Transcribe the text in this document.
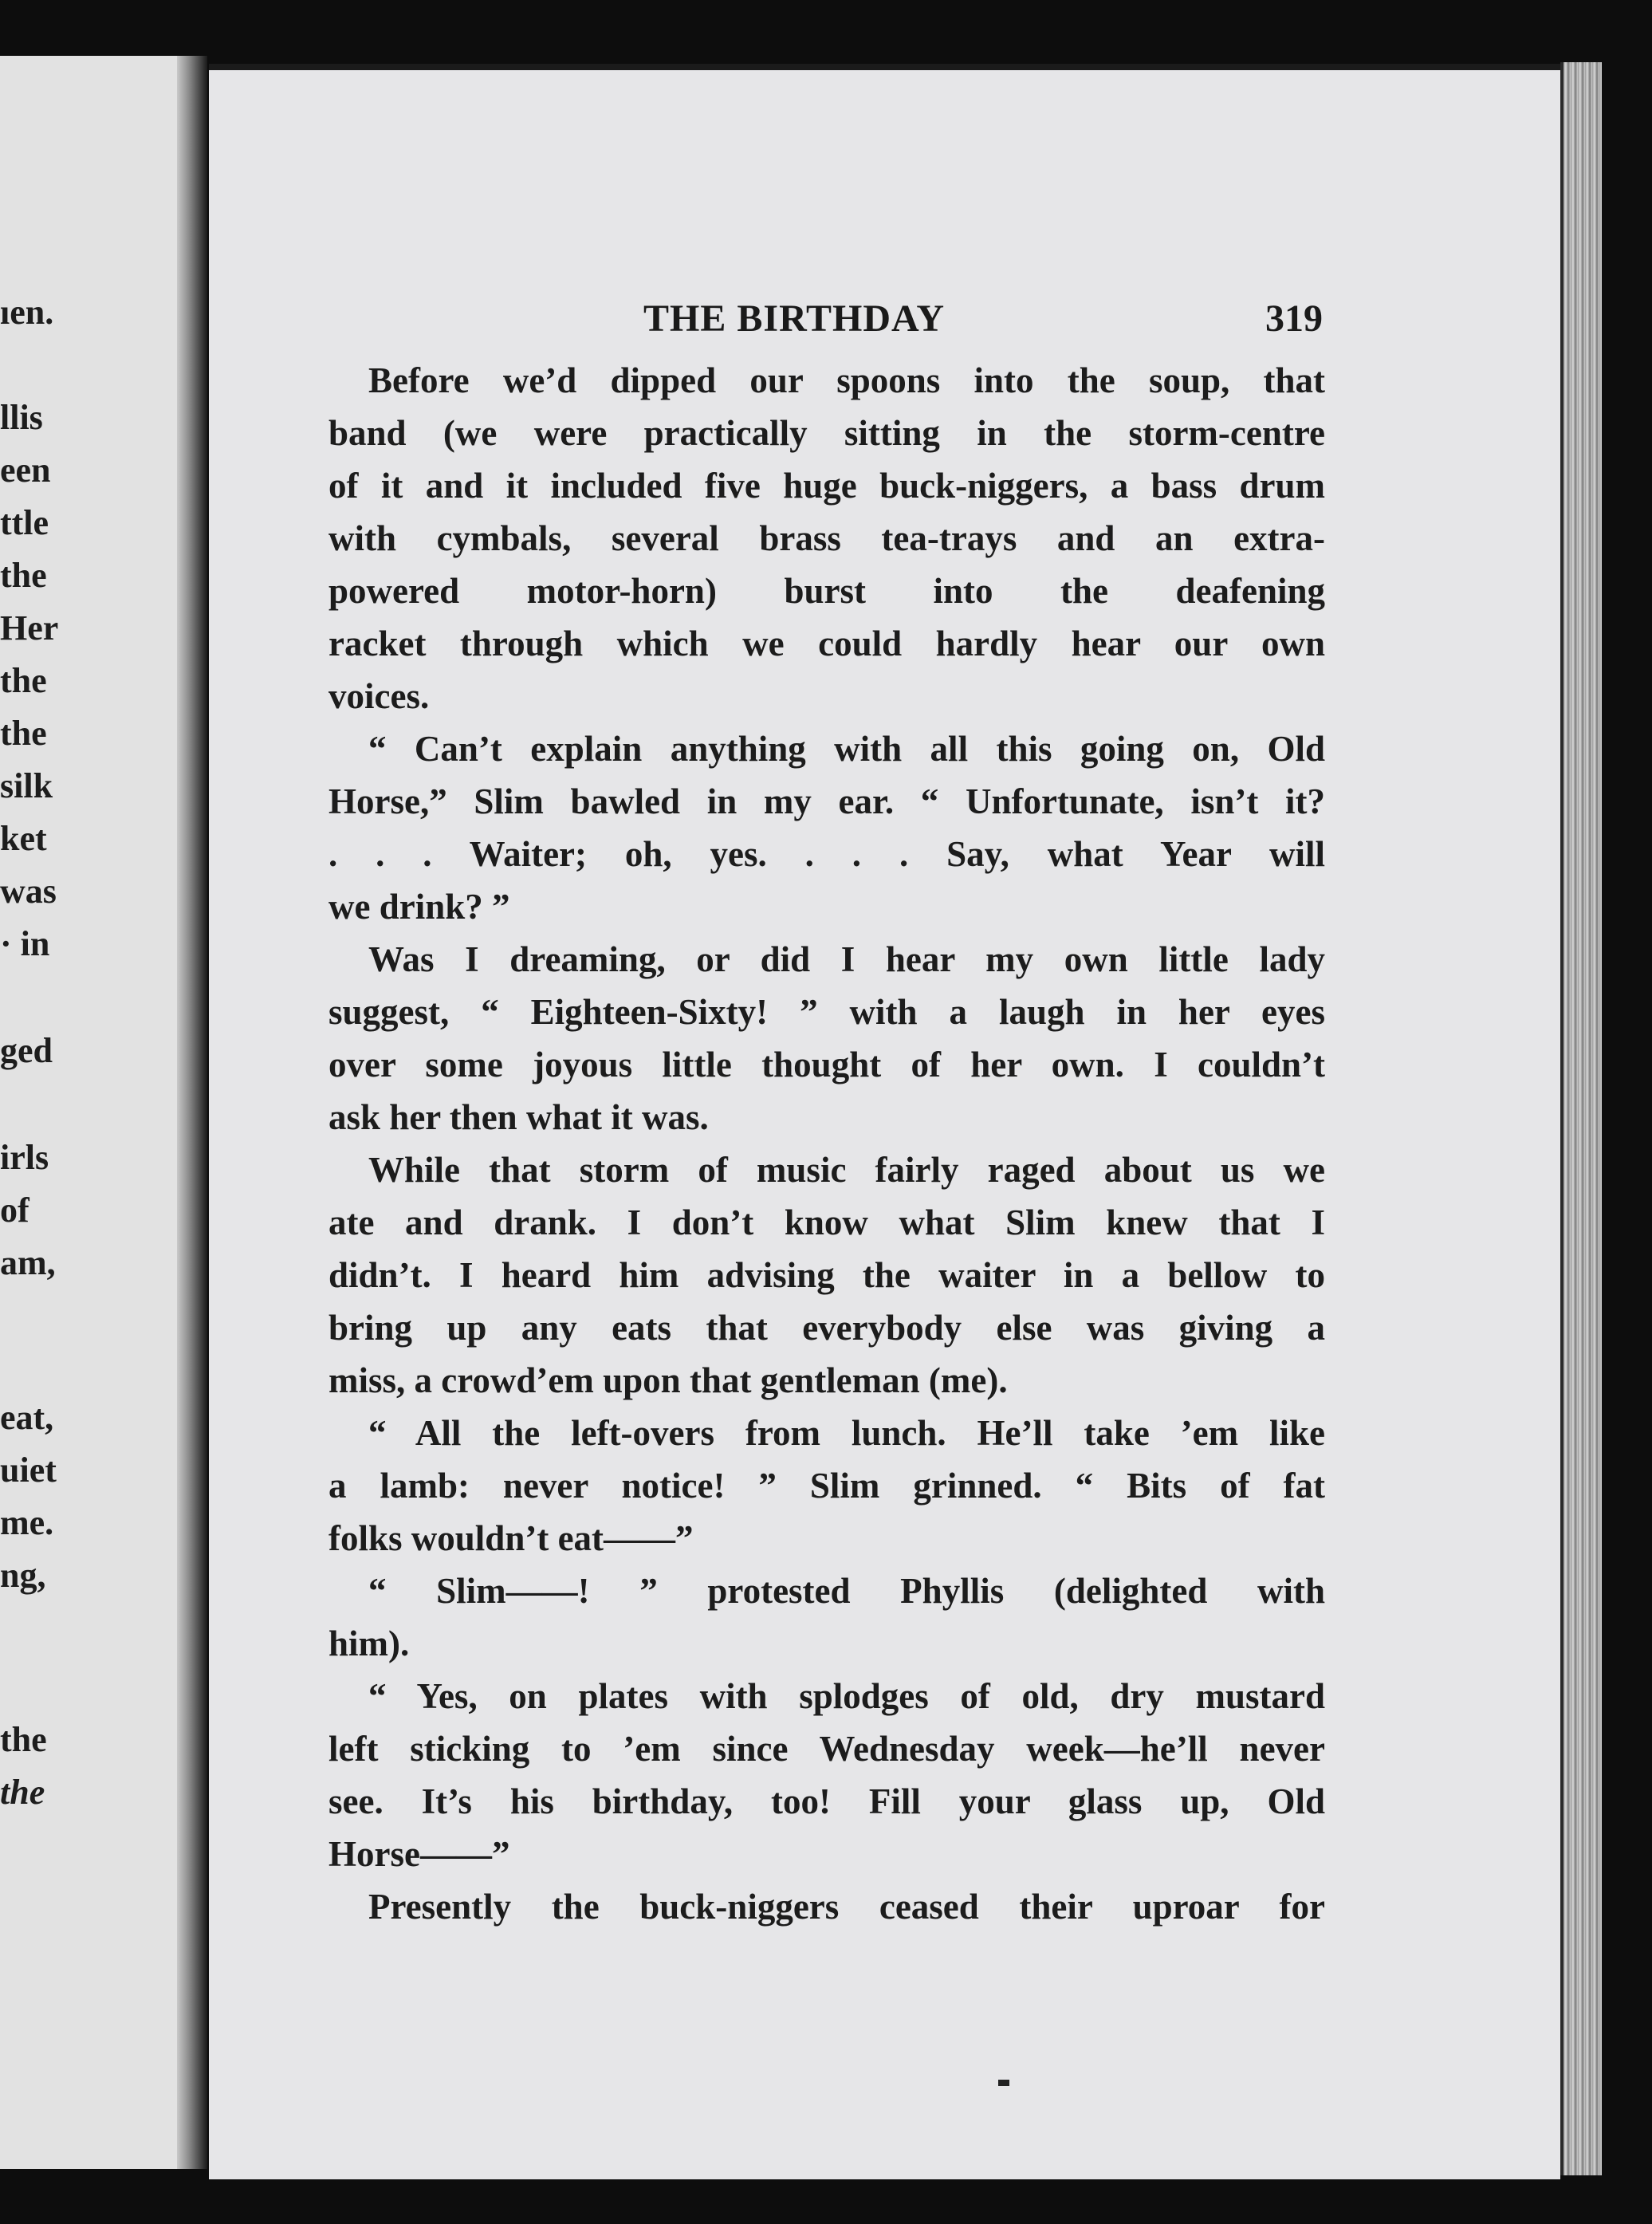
ıen.
llis
een
ttle
the
Her
the
the
silk
ket
was
· in
ged
irls
of
am,
eat,
uiet
me.
ng,
the
the
THE BIRTHDAY	319
Before we’d dipped our spoons into the soup, that
band (we were practically sitting in the storm-centre
of it and it included five huge buck-niggers, a bass drum
with cymbals, several brass tea-trays and an extra-
powered motor-horn) burst into the deafening
racket through which we could hardly hear our own
voices.
“ Can’t explain anything with all this going on, Old
Horse,” Slim bawled in my ear. “ Unfortunate, isn’t it?
. . . Waiter; oh, yes. . . . Say, what Year will
we drink? ”
Was I dreaming, or did I hear my own little lady
suggest, “ Eighteen-Sixty! ” with a laugh in her eyes
over some joyous little thought of her own. I couldn’t
ask her then what it was.
While that storm of music fairly raged about us we
ate and drank. I don’t know what Slim knew that I
didn’t. I heard him advising the waiter in a bellow to
bring up any eats that everybody else was giving a
miss, a crowd’em upon that gentleman (me).
“ All the left-overs from lunch. He’ll take ’em like
a lamb: never notice! ” Slim grinned. “ Bits of fat
folks wouldn’t eat——”
“ Slim——! ” protested Phyllis (delighted with
him).
“ Yes, on plates with splodges of old, dry mustard
left sticking to ’em since Wednesday week—he’ll never
see. It’s his birthday, too! Fill your glass up, Old
Horse——”
Presently the buck-niggers ceased their uproar for
